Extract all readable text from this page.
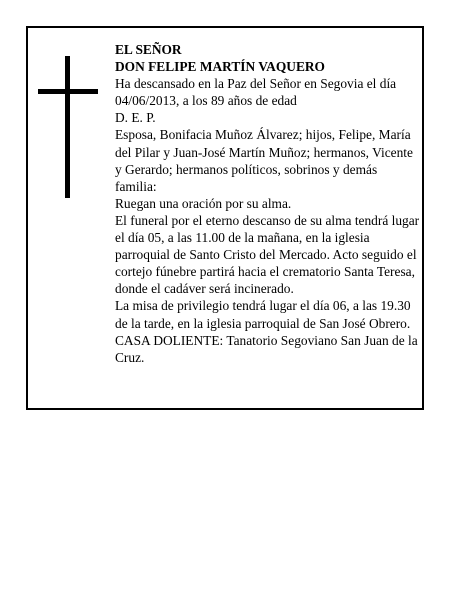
EL SEÑOR

DON FELIPE MARTÍN VAQUERO

Ha descansado en la Paz del Señor en Segovia el día 04/06/2013, a los 89 años de edad

D. E. P.

Esposa, Bonifacia Muñoz Álvarez; hijos, Felipe, María del Pilar y Juan-José Martín Muñoz; hermanos, Vicente y Gerardo; hermanos políticos, sobrinos y demás familia:

Ruegan una oración por su alma.

El funeral por el eterno descanso de su alma tendrá lugar el día 05, a las 11.00 de la mañana, en la iglesia parroquial de Santo Cristo del Mercado. Acto seguido el cortejo fúnebre partirá hacia el crematorio Santa Teresa, donde el cadáver será incinerado.

La misa de privilegio tendrá lugar el día 06, a las 19.30 de la tarde, en la iglesia parroquial de San José Obrero.

CASA DOLIENTE: Tanatorio Segoviano San Juan de la Cruz.
